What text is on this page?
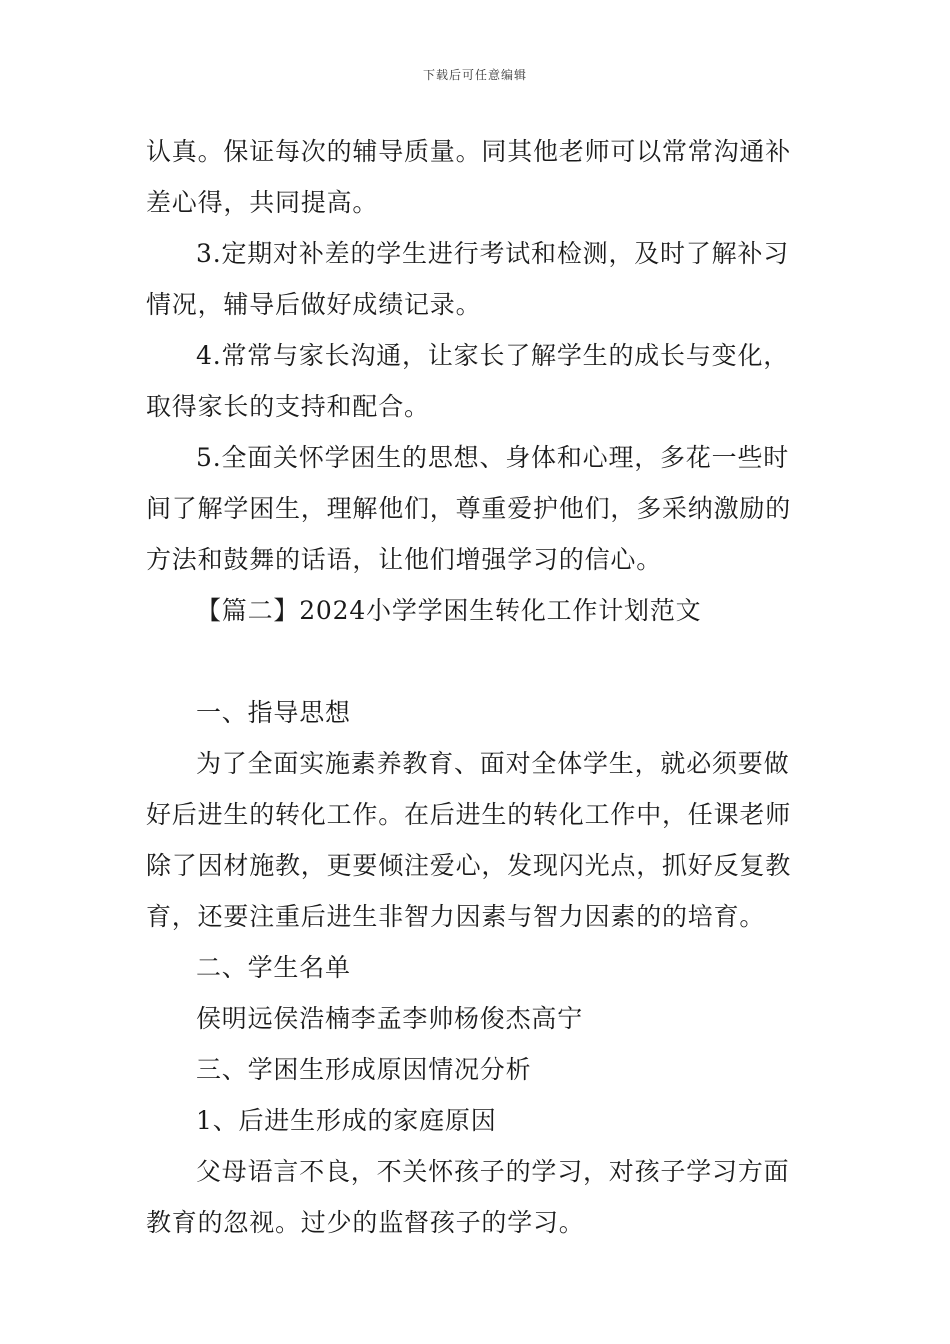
下载后可任意编辑

认真。保证每次的辅导质量。同其他老师可以常常沟通补差心得，共同提高。

3.定期对补差的学生进行考试和检测，及时了解补习情况，辅导后做好成绩记录。

4.常常与家长沟通，让家长了解学生的成长与变化，取得家长的支持和配合。

5.全面关怀学困生的思想、身体和心理，多花一些时间了解学困生，理解他们，尊重爱护他们，多采纳激励的方法和鼓舞的话语，让他们增强学习的信心。

【篇二】2024小学学困生转化工作计划范文

一、指导思想

为了全面实施素养教育、面对全体学生，就必须要做好后进生的转化工作。在后进生的转化工作中，任课老师除了因材施教，更要倾注爱心，发现闪光点，抓好反复教育，还要注重后进生非智力因素与智力因素的的培育。

二、学生名单

侯明远侯浩楠李孟李帅杨俊杰高宁

三、学困生形成原因情况分析

1、后进生形成的家庭原因

父母语言不良，不关怀孩子的学习，对孩子学习方面教育的忽视。过少的监督孩子的学习。
